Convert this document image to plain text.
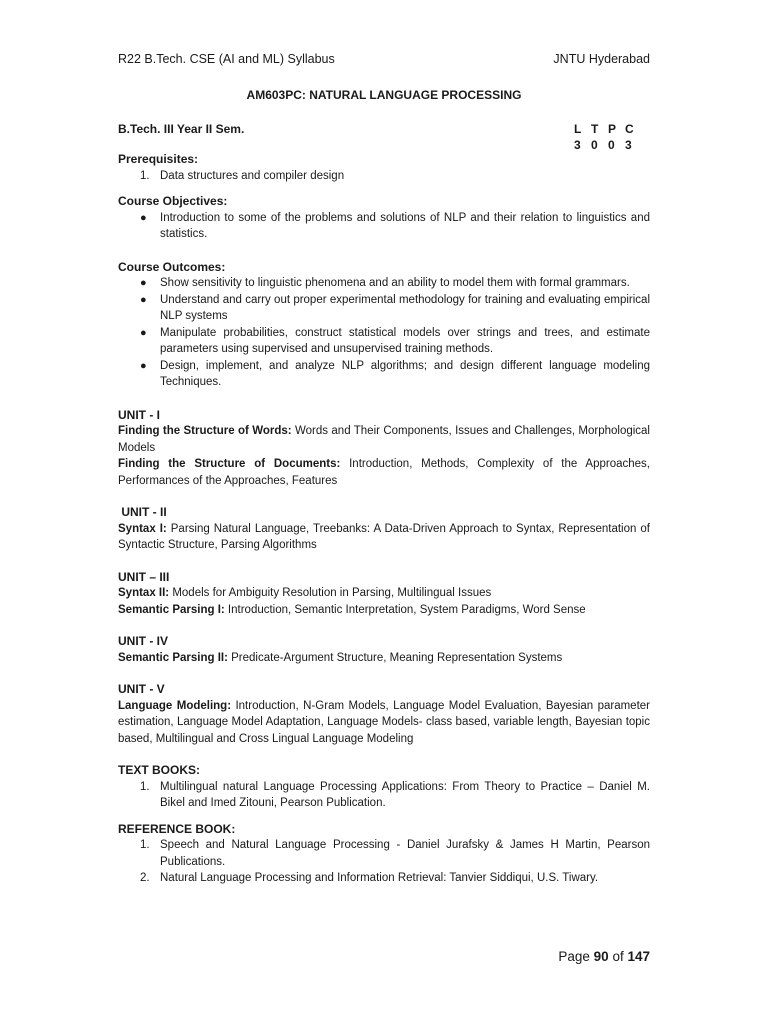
R22 B.Tech. CSE (AI and ML) Syllabus	JNTU Hyderabad
AM603PC: NATURAL LANGUAGE PROCESSING
B.Tech. III Year II Sem.	L T P C
3 0 0 3
Prerequisites:
1. Data structures and compiler design
Course Objectives:
● Introduction to some of the problems and solutions of NLP and their relation to linguistics and statistics.
Course Outcomes:
● Show sensitivity to linguistic phenomena and an ability to model them with formal grammars.
● Understand and carry out proper experimental methodology for training and evaluating empirical NLP systems
● Manipulate probabilities, construct statistical models over strings and trees, and estimate parameters using supervised and unsupervised training methods.
● Design, implement, and analyze NLP algorithms; and design different language modeling Techniques.
UNIT - I

Finding the Structure of Words: Words and Their Components, Issues and Challenges, Morphological Models

Finding the Structure of Documents: Introduction, Methods, Complexity of the Approaches, Performances of the Approaches, Features

UNIT - II

Syntax I: Parsing Natural Language, Treebanks: A Data-Driven Approach to Syntax, Representation of Syntactic Structure, Parsing Algorithms

UNIT – III

Syntax II: Models for Ambiguity Resolution in Parsing, Multilingual Issues

Semantic Parsing I: Introduction, Semantic Interpretation, System Paradigms, Word Sense

UNIT - IV

Semantic Parsing II: Predicate-Argument Structure, Meaning Representation Systems

UNIT - V

Language Modeling: Introduction, N-Gram Models, Language Model Evaluation, Bayesian parameter estimation, Language Model Adaptation, Language Models- class based, variable length, Bayesian topic based, Multilingual and Cross Lingual Language Modeling

TEXT BOOKS:
1. Multilingual natural Language Processing Applications: From Theory to Practice – Daniel M. Bikel and Imed Zitouni, Pearson Publication.
REFERENCE BOOK:
1. Speech and Natural Language Processing - Daniel Jurafsky & James H Martin, Pearson Publications.
2. Natural Language Processing and Information Retrieval: Tanvier Siddiqui, U.S. Tiwary.
Page 90 of 147
